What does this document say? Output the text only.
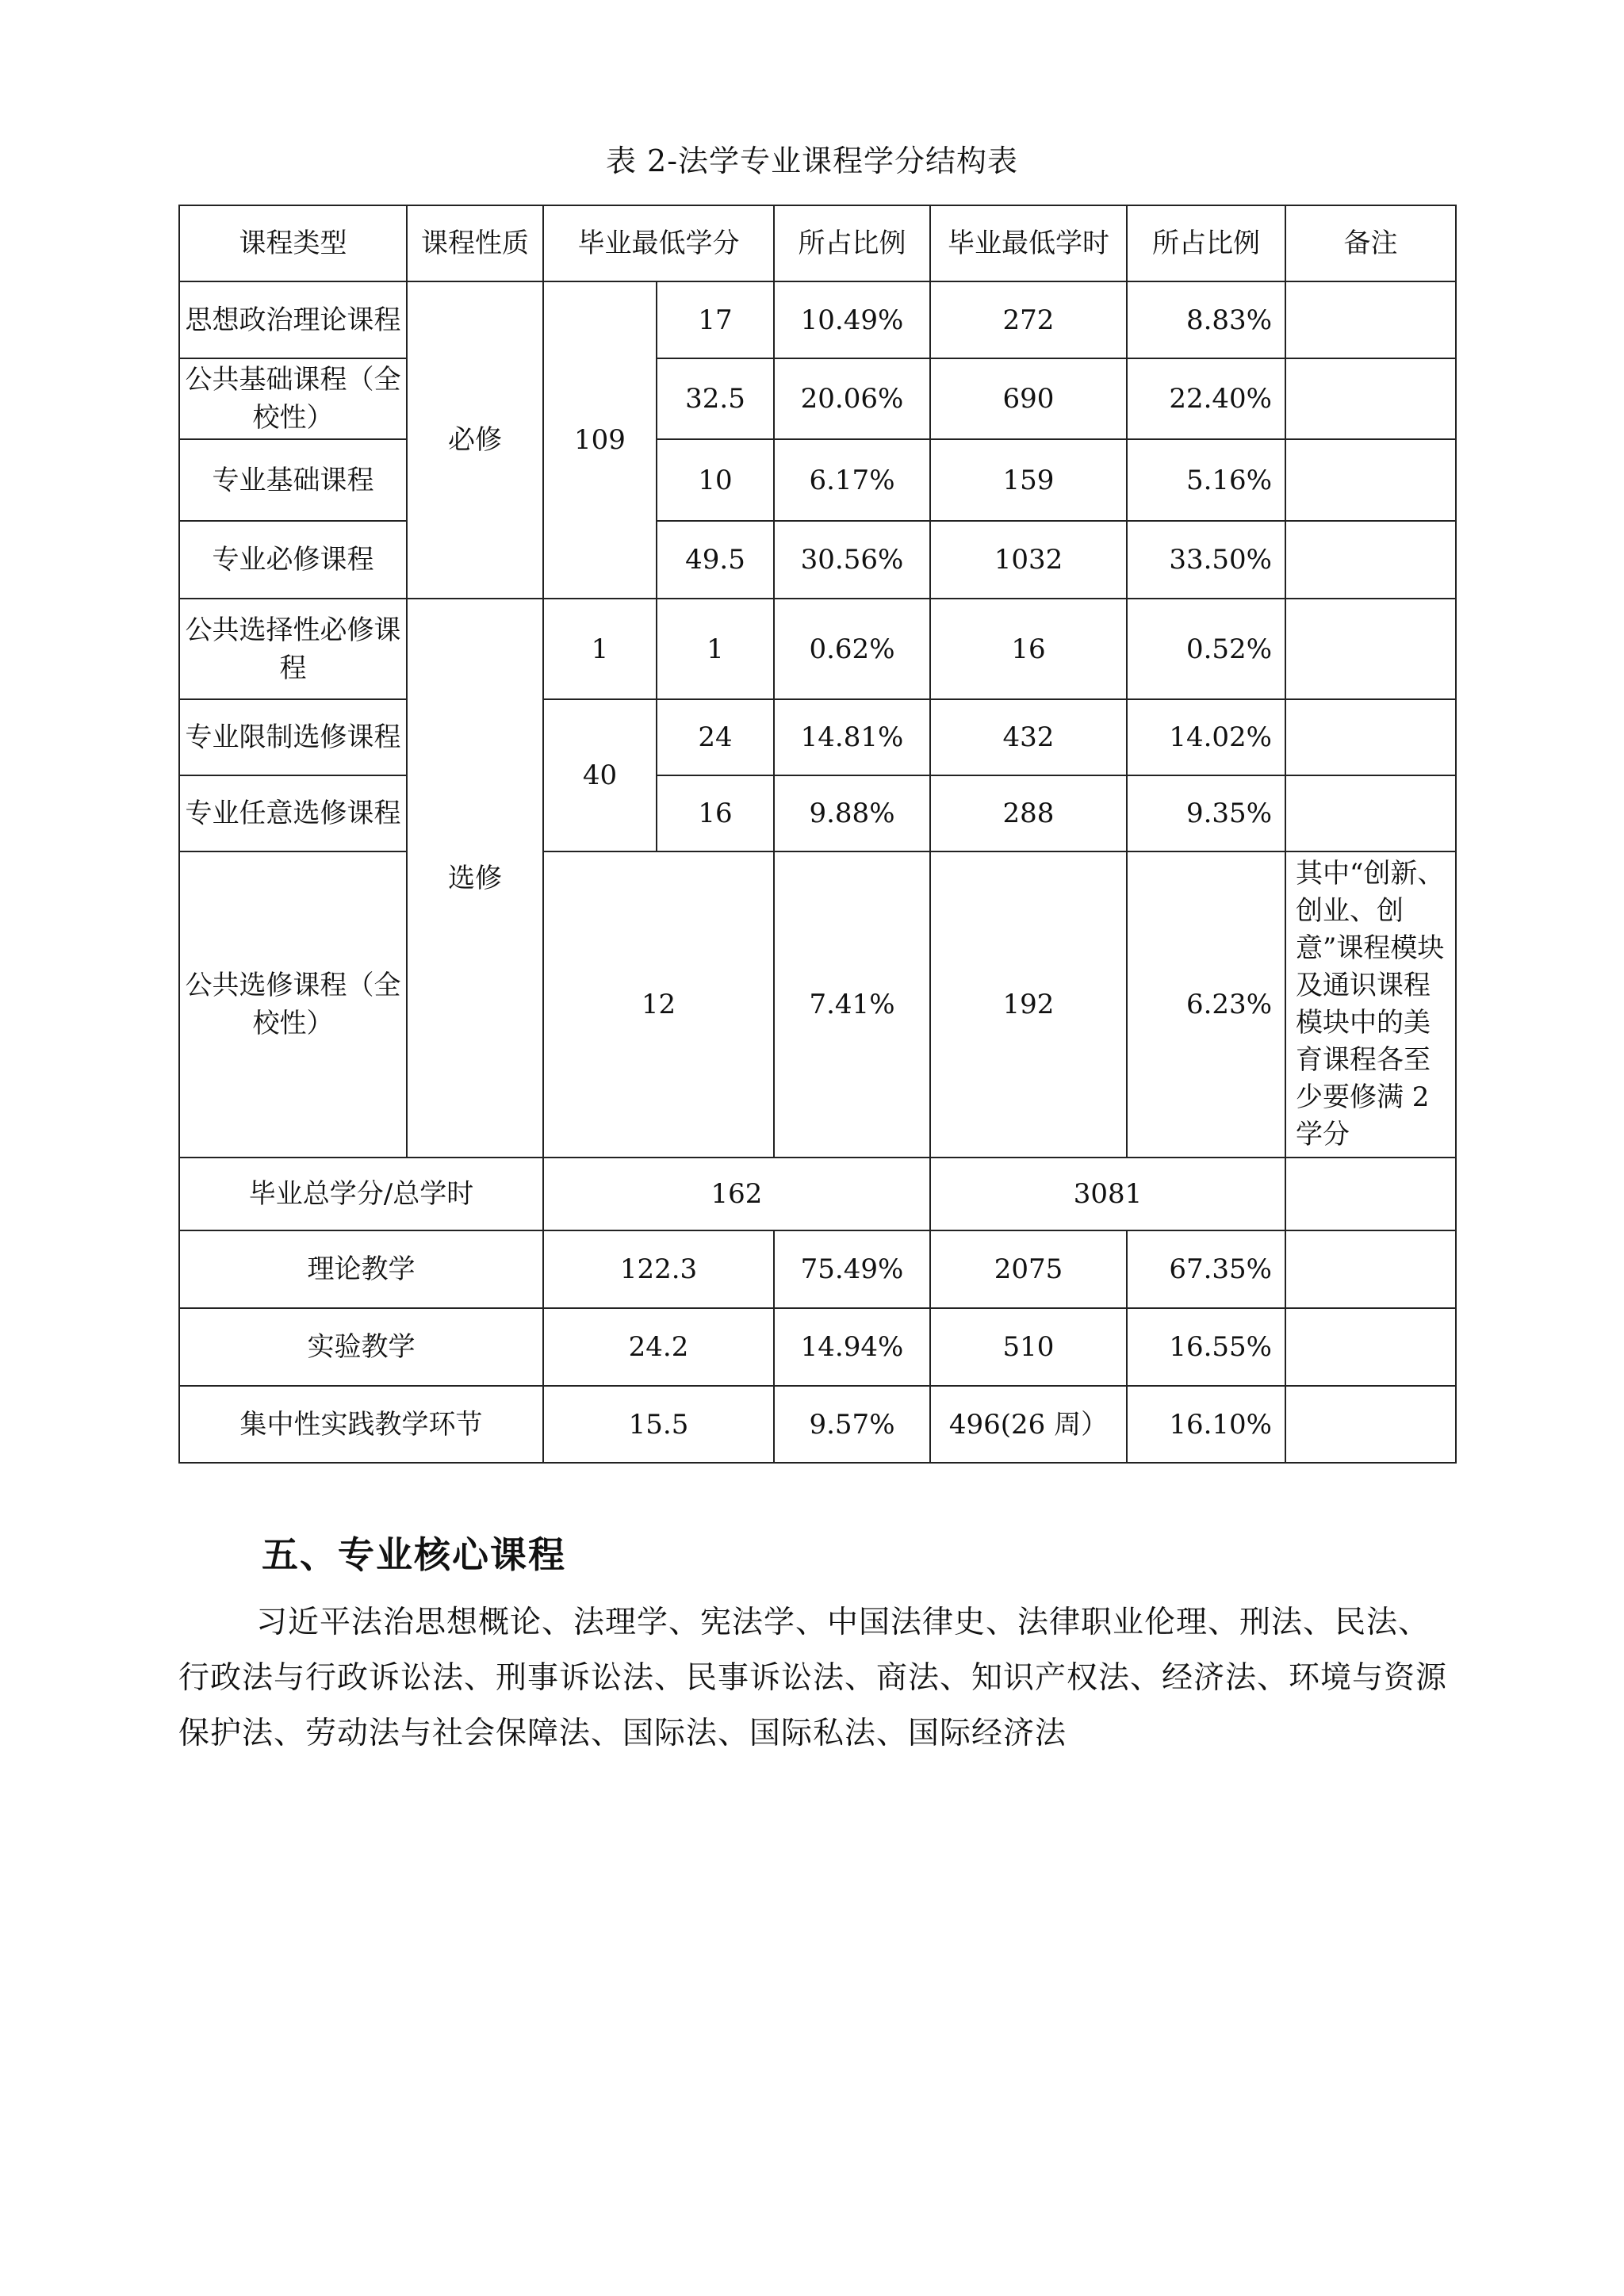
表 2-法学专业课程学分结构表
课程类型	课程性质	毕业最低学分		所占比例	毕业最低学时	所占比例	备注
思想政治理论课程	必修	109	17	10.49%	272	8.83%	
公共基础课程（全校性）			32.5	20.06%	690	22.40%	
专业基础课程			10	6.17%	159	5.16%	
专业必修课程			49.5	30.56%	1032	33.50%	
公共选择性必修课程	选修	1	1	0.62%	16	0.52%	
专业限制选修课程		40	24	14.81%	432	14.02%	
专业任意选修课程			16	9.88%	288	9.35%	
公共选修课程（全校性）		12		7.41%	192	6.23%	其中“创新、创业、创意”课程模块及通识课程模块中的美育课程各至少要修满 2 学分
毕业总学分/总学时		162			3081		
理论教学		122.3		75.49%	2075	67.35%	
实验教学		24.2		14.94%	510	16.55%	
集中性实践教学环节		15.5		9.57%	496(26 周）	16.10%	
五、专业核心课程
习近平法治思想概论、法理学、宪法学、中国法律史、法律职业伦理、刑法、民法、行政法与行政诉讼法、刑事诉讼法、民事诉讼法、商法、知识产权法、经济法、环境与资源保护法、劳动法与社会保障法、国际法、国际私法、国际经济法
